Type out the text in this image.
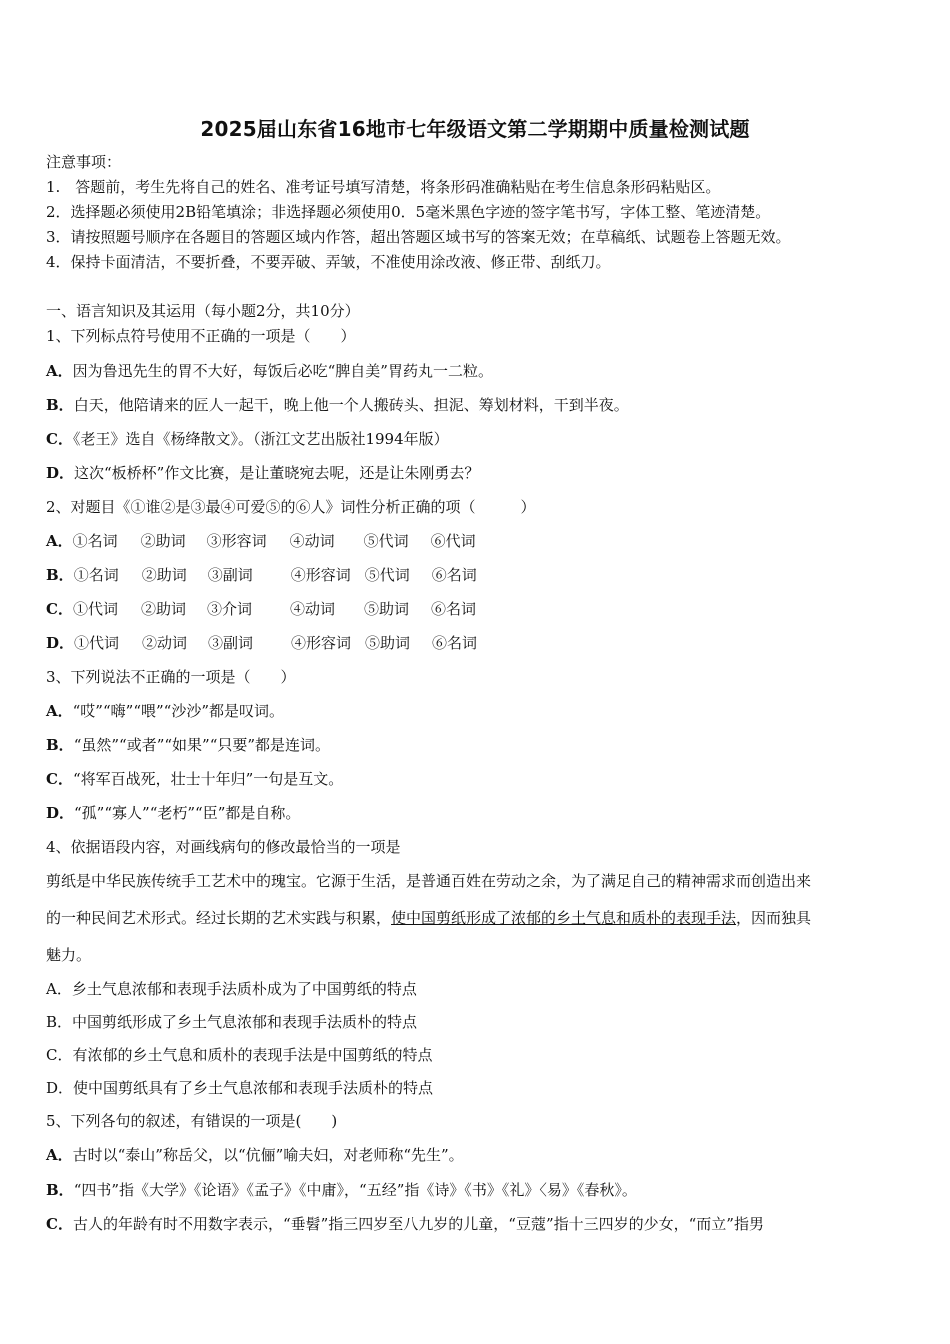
2025届山东省16地市七年级语文第二学期期中质量检测试题
注意事项：
1.　答题前，考生先将自己的姓名、准考证号填写清楚，将条形码准确粘贴在考生信息条形码粘贴区。
2．选择题必须使用2B铅笔填涂；非选择题必须使用0．5毫米黑色字迹的签字笔书写，字体工整、笔迹清楚。
3．请按照题号顺序在各题目的答题区域内作答，超出答题区域书写的答案无效；在草稿纸、试题卷上答题无效。
4．保持卡面清洁，不要折叠，不要弄破、弄皱，不准使用涂改液、修正带、刮纸刀。
一、语言知识及其运用（每小题2分，共10分）
1、下列标点符号使用不正确的一项是（　　）
A．因为鲁迅先生的胃不大好，每饭后必吃“脾自美”胃药丸一二粒。
B．白天，他陪请来的匠人一起干，晚上他一个人搬砖头、担泥、筹划材料，干到半夜。
C．《老王》选自《杨绛散文》。（浙江文艺出版社1994年版）
D．这次“板桥杯”作文比赛，是让董晓宛去呢，还是让朱刚勇去？
2、对题目《①谁②是③最④可爱⑤的⑥人》词性分析正确的项（　　　）
A．①名词 ②助词 ③形容词 ④动词 ⑤代词 ⑥代词
B．①名词 ②助词 ③副词	④形容词 ⑤代词 ⑥名词
C．①代词 ②助词 ③介词	④动词 ⑤助词 ⑥名词
D．①代词 ②动词 ③副词	④形容词 ⑤助词 ⑥名词
3、下列说法不正确的一项是（　　）
A．“哎”“嗨”“喂”“沙沙”都是叹词。
B．“虽然”“或者”“如果”“只要”都是连词。
C．“将军百战死，壮士十年归”一句是互文。
D．“孤”“寡人”“老朽”“臣”都是自称。
4、依据语段内容，对画线病句的修改最恰当的一项是
剪纸是中华民族传统手工艺术中的瑰宝。它源于生活，是普通百姓在劳动之余，为了满足自己的精神需求而创造出来
的一种民间艺术形式。经过长期的艺术实践与积累，使中国剪纸形成了浓郁的乡土气息和质朴的表现手法，因而独具
魅力。
A．乡土气息浓郁和表现手法质朴成为了中国剪纸的特点
B．中国剪纸形成了乡土气息浓郁和表现手法质朴的特点
C．有浓郁的乡土气息和质朴的表现手法是中国剪纸的特点
D．使中国剪纸具有了乡土气息浓郁和表现手法质朴的特点
5、下列各句的叙述，有错误的一项是(　　)
A．古时以“泰山”称岳父，以“伉俪”喻夫妇，对老师称“先生”。
B．“四书”指《大学》《论语》《孟子》《中庸》，“五经”指《诗》《书》《礼》〈易》《春秋》。
C．古人的年龄有时不用数字表示，“垂髫”指三四岁至八九岁的儿童，“豆蔻”指十三四岁的少女，“而立”指男
